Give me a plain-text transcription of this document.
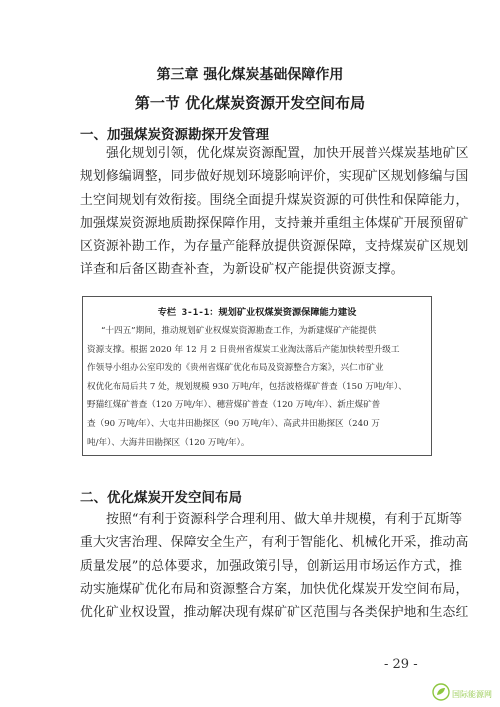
第三章 强化煤炭基础保障作用
第一节 优化煤炭资源开发空间布局
一、加强煤炭资源勘探开发管理

强化规划引领，优化煤炭资源配置，加快开展普兴煤炭基地矿区

规划修编调整，同步做好规划环境影响评价，实现矿区规划修编与国

土空间规划有效衔接。围绕全面提升煤炭资源的可供性和保障能力，

加强煤炭资源地质勘探保障作用，支持兼并重组主体煤矿开展预留矿

区资源补勘工作，为存量产能释放提供资源保障，支持煤炭矿区规划

详查和后备区勘查补查，为新设矿权产能提供资源支撑。

专栏 3-1-1：规划矿业权煤炭资源保障能力建设

“十四五”期间，推动规划矿业权煤炭资源勘查工作，为新建煤矿产能提供

资源支撑。根据 2020 年 12 月 2 日贵州省煤炭工业淘汰落后产能加快转型升级工

作领导小组办公室印发的《贵州省煤矿优化布局及资源整合方案》，兴仁市矿业

权优化布局后共 7 处，规划规模 930 万吨/年，包括波格煤矿普查（150 万吨/年）、

野猫红煤矿普查（120 万吨/年）、穗营煤矿普查（120 万吨/年）、新庄煤矿普

查（90 万吨/年）、大屯井田勘探区（90 万吨/年）、高武井田勘探区（240 万

吨/年）、大海井田勘探区（120 万吨/年）。

二、优化煤炭开发空间布局

按照“有利于资源科学合理利用、做大单井规模，有利于瓦斯等

重大灾害治理、保障安全生产，有利于智能化、机械化开采，推动高

质量发展”的总体要求，加强政策引导，创新运用市场运作方式，推

动实施煤矿优化布局和资源整合方案，加快优化煤炭开发空间布局，

优化矿业权设置，推动解决现有煤矿矿区范围与各类保护地和生态红

- 29 -
国际能源网
